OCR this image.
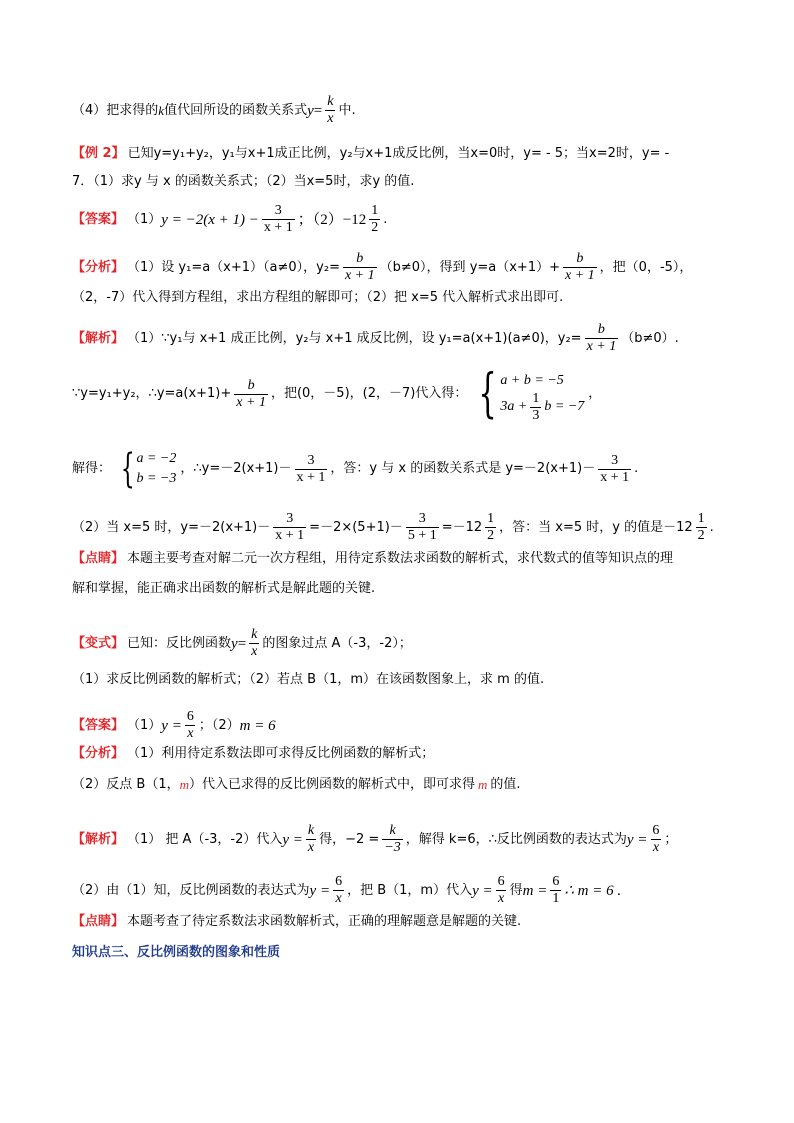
（4）把求得的 k 值代回所设的函数关系式 $y = \frac{k}{x}$ 中.
【例 2】 已知y=y₁+y₂，y₁与x+1成正比例，y₂与x+1成反比例，当x=0时，y= - 5；当x=2时，y= -
7．（1）求y 与 x 的函数关系式；（2）当x=5时，求y 的值.
【答案】 （1） $y = -2(x + 1) - \frac{3}{x + 1}$ ；$(2)-12 \frac{1}{2}$ .
【分析】 （1）设 y₁=a（x+1）（a≠0），$y_2= \frac{b}{x + 1} (b\ne 0)$，得到 $y=a(x+1)+ \frac{b}{x + 1}$ ，把（0，-5），
（2，-7）代入得到方程组，求出方程组的解即可；（2）把 x=5 代入解析式求出即可.
【解析】 （1）∵y₁与 x+1 成正比例，y₂与 x+1 成反比例，设 y₁=a(x+1)(a≠0)，$y_2= \frac{b}{x + 1} (b\ne 0)$.
∵y=y₁+y₂，∴y=a(x+1)+ $\frac{b}{x + 1}$ ，把(0，－5)，(2，－7)代入得： { a + b = −5
$3a + \frac{1}{3}$ b = −7
，
解得： { a = −2
b = −3
，∴y=－2(x+1)－ $\frac{3}{x + 1}$ ，答：y 与 x 的函数关系式是 $y=-2(x+1)- \frac{3}{x + 1}$ .
（2）当 x=5 时，$y=-2(x+1)- \frac{3}{x + 1} =-2\times(5+1)- \frac{3}{5 + 1} =-12 \frac{1}{2}$ ，答：当 x=5 时，y 的值是$-12 \frac{1}{2}$ .
【点睛】 本题主要考查对解二元一次方程组，用待定系数法求函数的解析式，求代数式的值等知识点的理
解和掌握，能正确求出函数的解析式是解此题的关键.
【变式】 已知：反比例函数 $y = \frac{k}{x}$ 的图象过点 A（-3，-2）；
（1）求反比例函数的解析式；（2）若点 B（1，m）在该函数图象上，求 m 的值.
【答案】 （1） $y = \frac{6}{x}$ ；（2） m = 6
【分析】 （1）利用待定系数法即可求得反比例函数的解析式；
（2）反点 B（1， m ）代入已求得的反比例函数的解析式中，即可求得 m 的值.
【解析】 （1） 把 A（-3，-2）代入 $y = \frac{k}{x}$ 得，$-2 = \frac{k}{-3}$ ，解得 k=6，∴反比例函数的表达式为 $y = \frac{6}{x}$ ；
（2）由（1）知，反比例函数的表达式为 $y = \frac{6}{x}$ ，把 B（1，m）代入 $y = \frac{6}{x}$ 得 $m = \frac{6}{1}$ ∴ m = 6 .
【点睛】 本题考查了待定系数法求函数解析式，正确的理解题意是解题的关键.
知识点三、反比例函数的图象和性质
